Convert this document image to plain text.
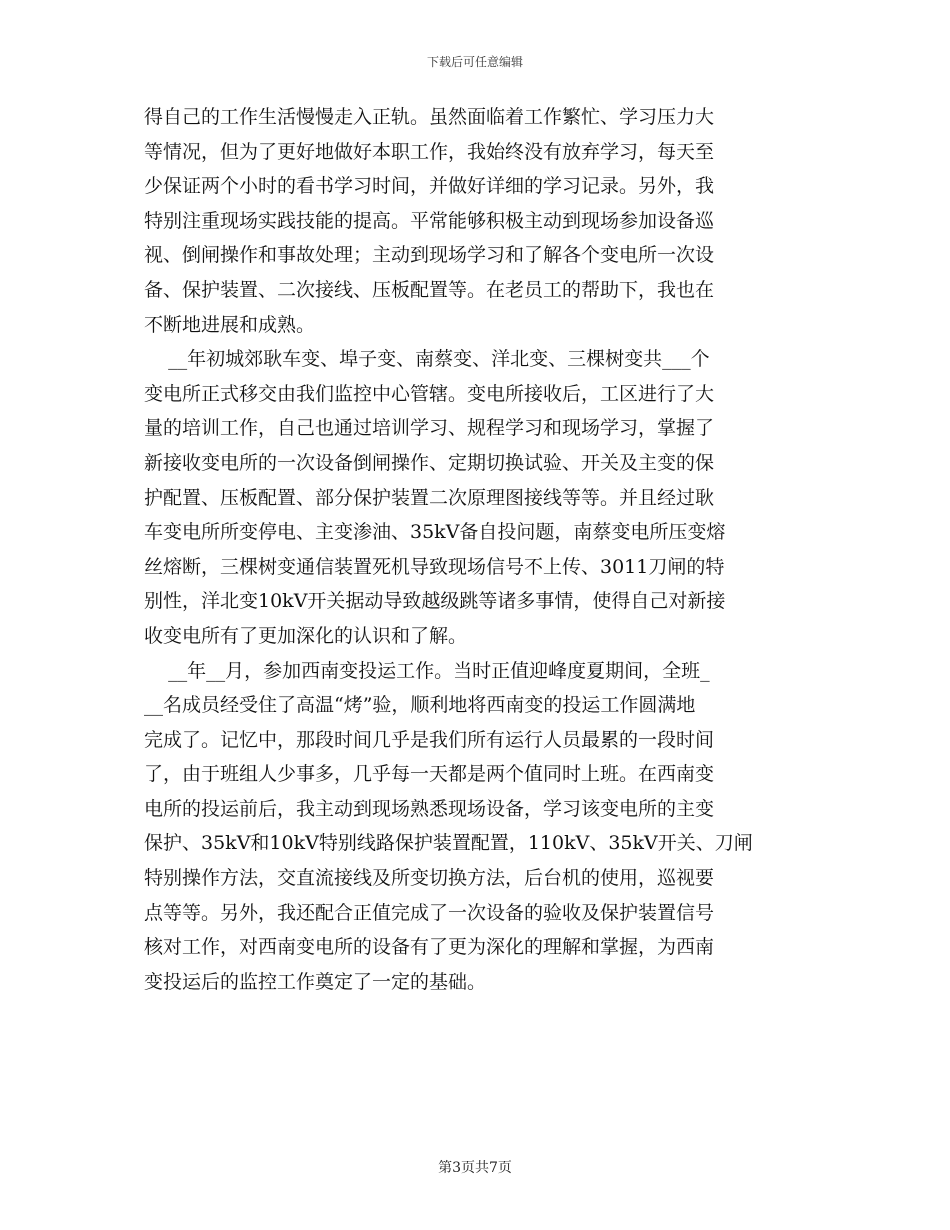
下载后可任意编辑
得自己的工作生活慢慢走入正轨。虽然面临着工作繁忙、学习压力大
等情况，但为了更好地做好本职工作，我始终没有放弃学习，每天至
少保证两个小时的看书学习时间，并做好详细的学习记录。另外，我
特别注重现场实践技能的提高。平常能够积极主动到现场参加设备巡
视、倒闸操作和事故处理；主动到现场学习和了解各个变电所一次设
备、保护装置、二次接线、压板配置等。在老员工的帮助下，我也在
不断地进展和成熟。
__年初城郊耿车变、埠子变、南蔡变、洋北变、三棵树变共___个
变电所正式移交由我们监控中心管辖。变电所接收后，工区进行了大
量的培训工作，自己也通过培训学习、规程学习和现场学习，掌握了
新接收变电所的一次设备倒闸操作、定期切换试验、开关及主变的保
护配置、压板配置、部分保护装置二次原理图接线等等。并且经过耿
车变电所所变停电、主变渗油、35kV备自投问题，南蔡变电所压变熔
丝熔断，三棵树变通信装置死机导致现场信号不上传、3011刀闸的特
别性，洋北变10kV开关据动导致越级跳等诸多事情，使得自己对新接
收变电所有了更加深化的认识和了解。
__年__月，参加西南变投运工作。当时正值迎峰度夏期间，全班_
__名成员经受住了高温“烤”验，顺利地将西南变的投运工作圆满地
完成了。记忆中，那段时间几乎是我们所有运行人员最累的一段时间
了，由于班组人少事多，几乎每一天都是两个值同时上班。在西南变
电所的投运前后，我主动到现场熟悉现场设备，学习该变电所的主变
保护、35kV和10kV特别线路保护装置配置，110kV、35kV开关、刀闸
特别操作方法，交直流接线及所变切换方法，后台机的使用，巡视要
点等等。另外，我还配合正值完成了一次设备的验收及保护装置信号
核对工作，对西南变电所的设备有了更为深化的理解和掌握，为西南
变投运后的监控工作奠定了一定的基础。
第3页共7页
